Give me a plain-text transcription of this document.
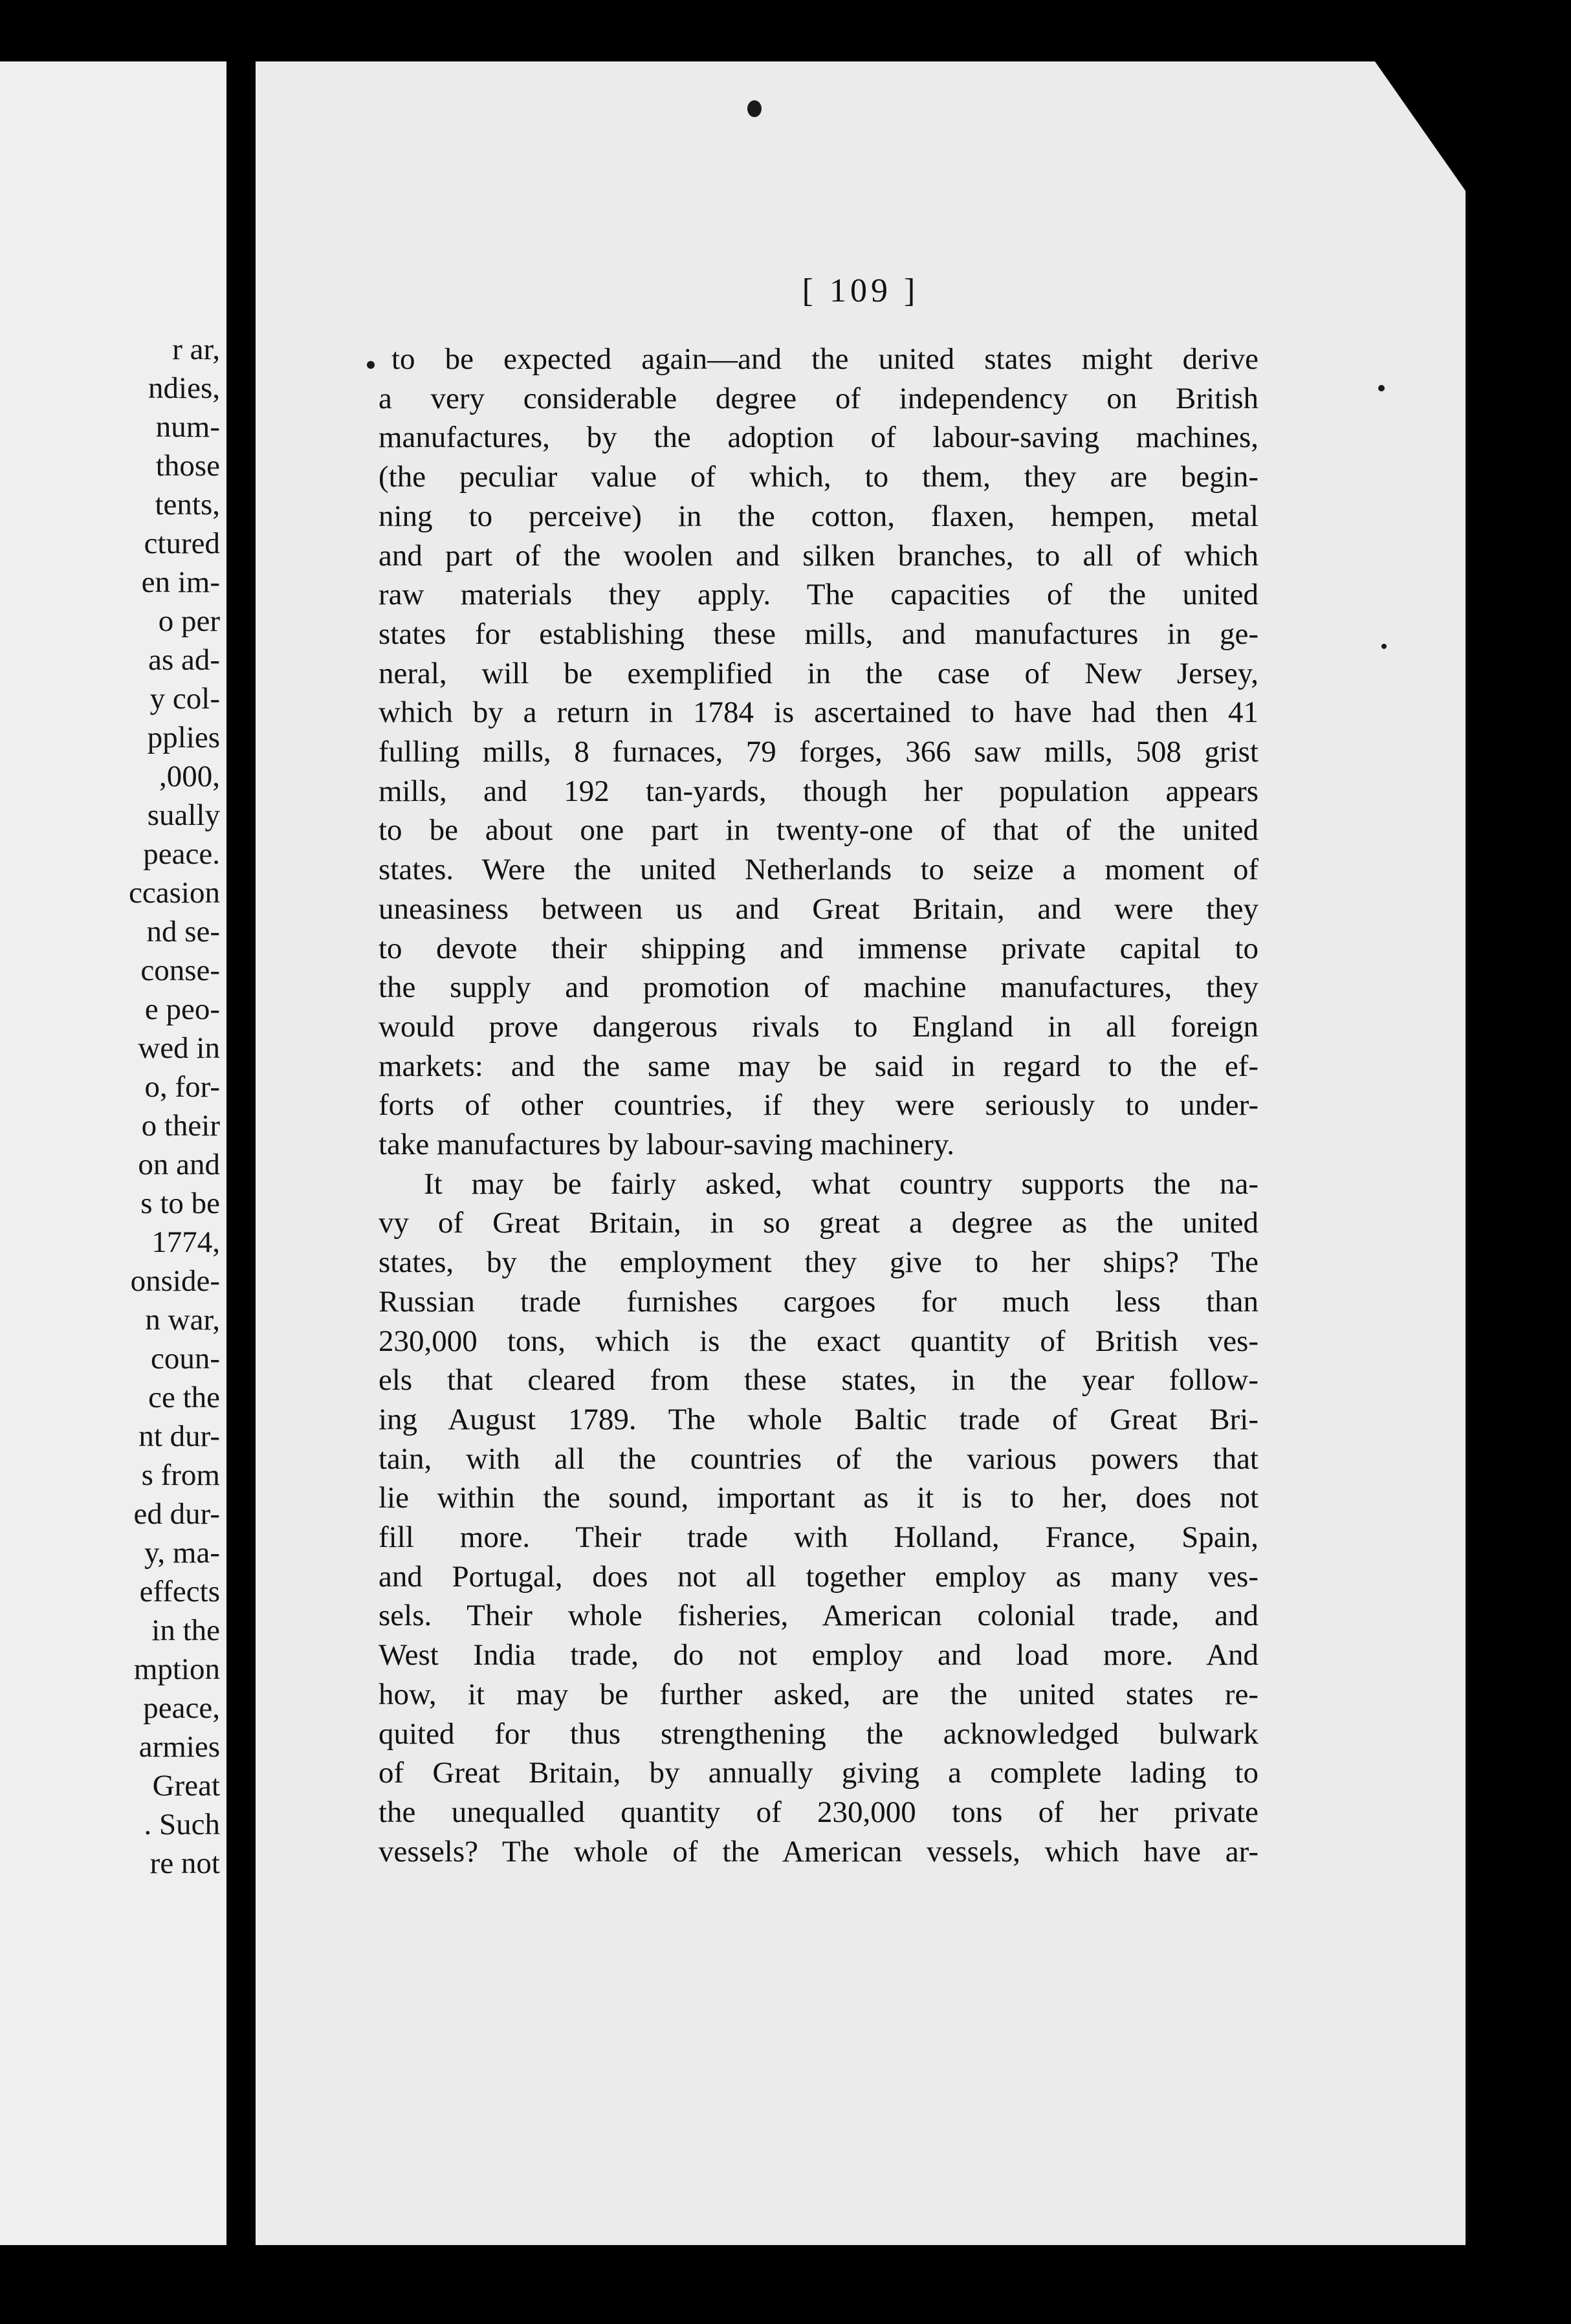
r ar,
ndies,
num-
those
tents,
ctured
en im-
o per
as ad-
y col-
pplies
,000,
sually
peace.
ccasion
nd se-
conse-
e peo-
wed in
o, for-
o their
on and
s to be
1774,
onside-
n war,
coun-
ce the
nt dur-
s from
ed dur-
y, ma-
effects
in the
mption
peace,
armies
Great
. Such
re not
[ 109 ]
to be expected again—and the united states might derive
a very considerable degree of independency on British
manufactures, by the adoption of labour-saving machines,
(the peculiar value of which, to them, they are begin-
ning to perceive) in the cotton, flaxen, hempen, metal
and part of the woolen and silken branches, to all of which
raw materials they apply. The capacities of the united
states for establishing these mills, and manufactures in ge-
neral, will be exemplified in the case of New Jersey,
which by a return in 1784 is ascertained to have had then 41
fulling mills, 8 furnaces, 79 forges, 366 saw mills, 508 grist
mills, and 192 tan-yards, though her population appears
to be about one part in twenty-one of that of the united
states. Were the united Netherlands to seize a moment of
uneasiness between us and Great Britain, and were they
to devote their shipping and immense private capital to
the supply and promotion of machine manufactures, they
would prove dangerous rivals to England in all foreign
markets: and the same may be said in regard to the ef-
forts of other countries, if they were seriously to under-
take manufactures by labour-saving machinery.
It may be fairly asked, what country supports the na-
vy of Great Britain, in so great a degree as the united
states, by the employment they give to her ships? The
Russian trade furnishes cargoes for much less than
230,000 tons, which is the exact quantity of British ves-
els that cleared from these states, in the year follow-
ing August 1789. The whole Baltic trade of Great Bri-
tain, with all the countries of the various powers that
lie within the sound, important as it is to her, does not
fill more. Their trade with Holland, France, Spain,
and Portugal, does not all together employ as many ves-
sels. Their whole fisheries, American colonial trade, and
West India trade, do not employ and load more. And
how, it may be further asked, are the united states re-
quited for thus strengthening the acknowledged bulwark
of Great Britain, by annually giving a complete lading to
the unequalled quantity of 230,000 tons of her private
vessels? The whole of the American vessels, which have ar-
